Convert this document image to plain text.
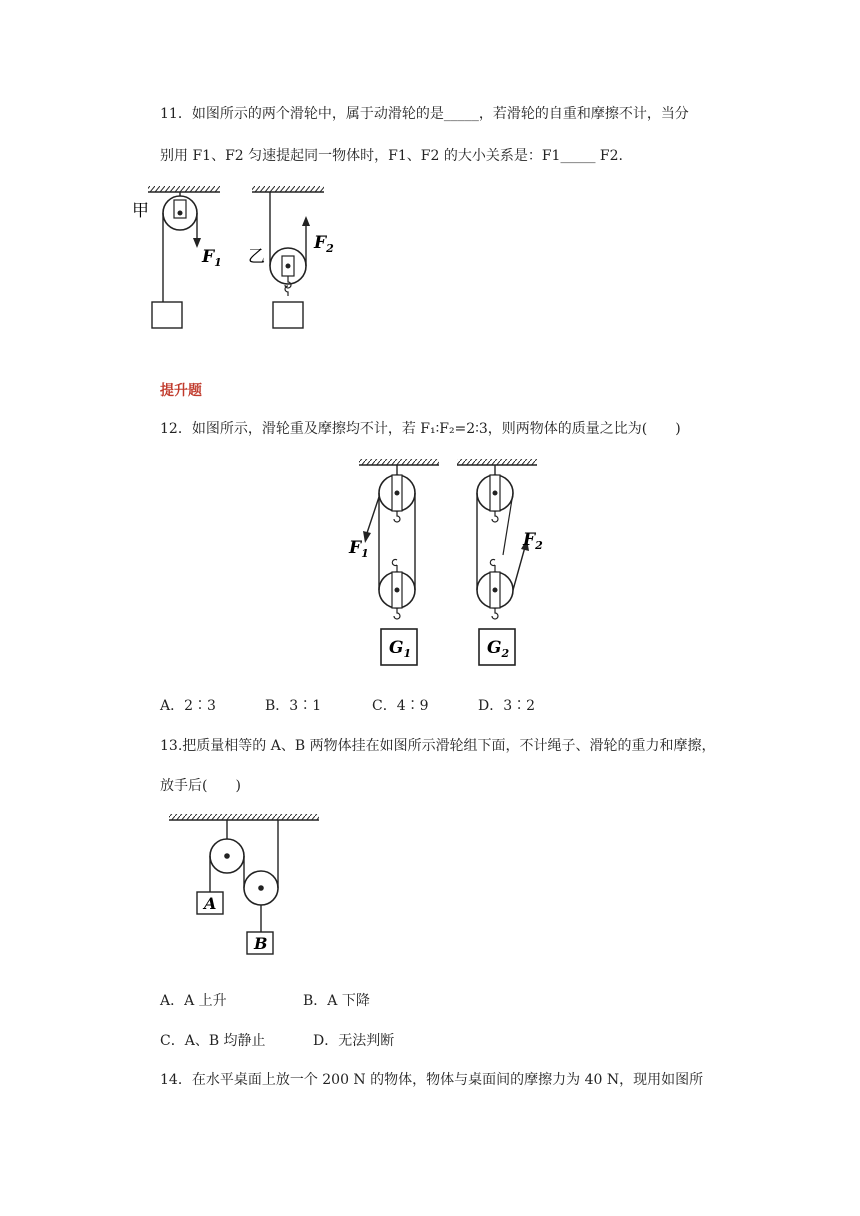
11．如图所示的两个滑轮中，属于动滑轮的是_____，若滑轮的自重和摩擦不计，当分
别用 F1、F2 匀速提起同一物体时，F1、F2 的大小关系是：F1_____ F2.
甲
$F_1$ 乙
$F_2$
提升题
12．如图所示，滑轮重及摩擦均不计，若 F₁∶F₂=2∶3，则两物体的质量之比为(　　)
$F_1$
$G_1$
$F_2$
$G_2$
A．2∶3	B．3∶1	C．4∶9	D．3∶2
13.把质量相等的 A、B 两物体挂在如图所示滑轮组下面，不计绳子、滑轮的重力和摩擦，
放手后(　　)
A
B
A．A 上升	B．A 下降
C．A、B 均静止	D．无法判断
14．在水平桌面上放一个 200 N 的物体，物体与桌面间的摩擦力为 40 N，现用如图所
